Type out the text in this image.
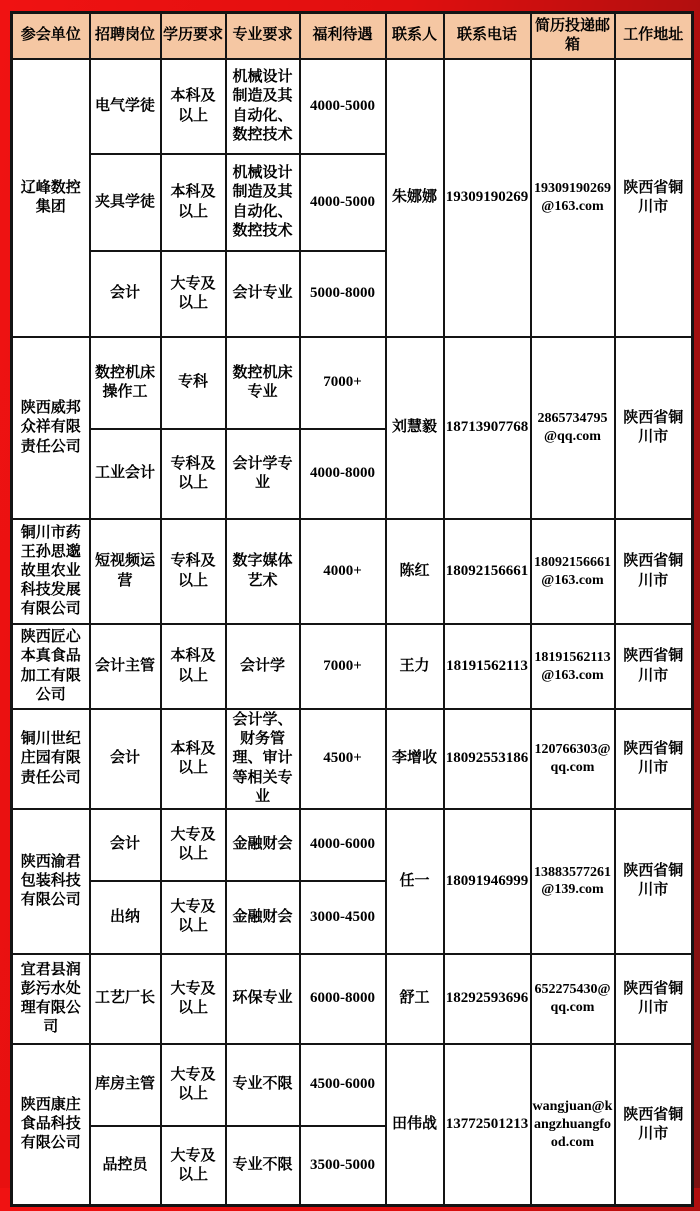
参会单位	招聘岗位	学历要求	专业要求	福利待遇	联系人	联系电话	简历投递邮箱	工作地址
辽峰数控集团	电气学徒	本科及以上	机械设计制造及其自动化、数控技术	4000-5000	朱娜娜	19309190269	19309190269@163.com	陕西省铜川市
	夹具学徒	本科及以上	机械设计制造及其自动化、数控技术	4000-5000				
	会计	大专及以上	会计专业	5000-8000				
陕西威邦众祥有限责任公司	数控机床操作工	专科	数控机床专业	7000+	刘慧毅	18713907768	2865734795@qq.com	陕西省铜川市
	工业会计	专科及以上	会计学专业	4000-8000				
铜川市药王孙思邈故里农业科技发展有限公司	短视频运营	专科及以上	数字媒体艺术	4000+	陈红	18092156661	18092156661@163.com	陕西省铜川市
陕西匠心本真食品加工有限公司	会计主管	本科及以上	会计学	7000+	王力	18191562113	18191562113@163.com	陕西省铜川市
铜川世纪庄园有限责任公司	会计	本科及以上	会计学、财务管理、审计等相关专业	4500+	李增收	18092553186	120766303@qq.com	陕西省铜川市
陕西渝君包装科技有限公司	会计	大专及以上	金融财会	4000-6000	任一	18091946999	13883577261@139.com	陕西省铜川市
	出纳	大专及以上	金融财会	3000-4500				
宜君县润彭污水处理有限公司	工艺厂长	大专及以上	环保专业	6000-8000	舒工	18292593696	652275430@qq.com	陕西省铜川市
陕西康庄食品科技有限公司	库房主管	大专及以上	专业不限	4500-6000	田伟战	13772501213	wangjuan@kangzhuangfood.com	陕西省铜川市
	品控员	大专及以上	专业不限	3500-5000				
